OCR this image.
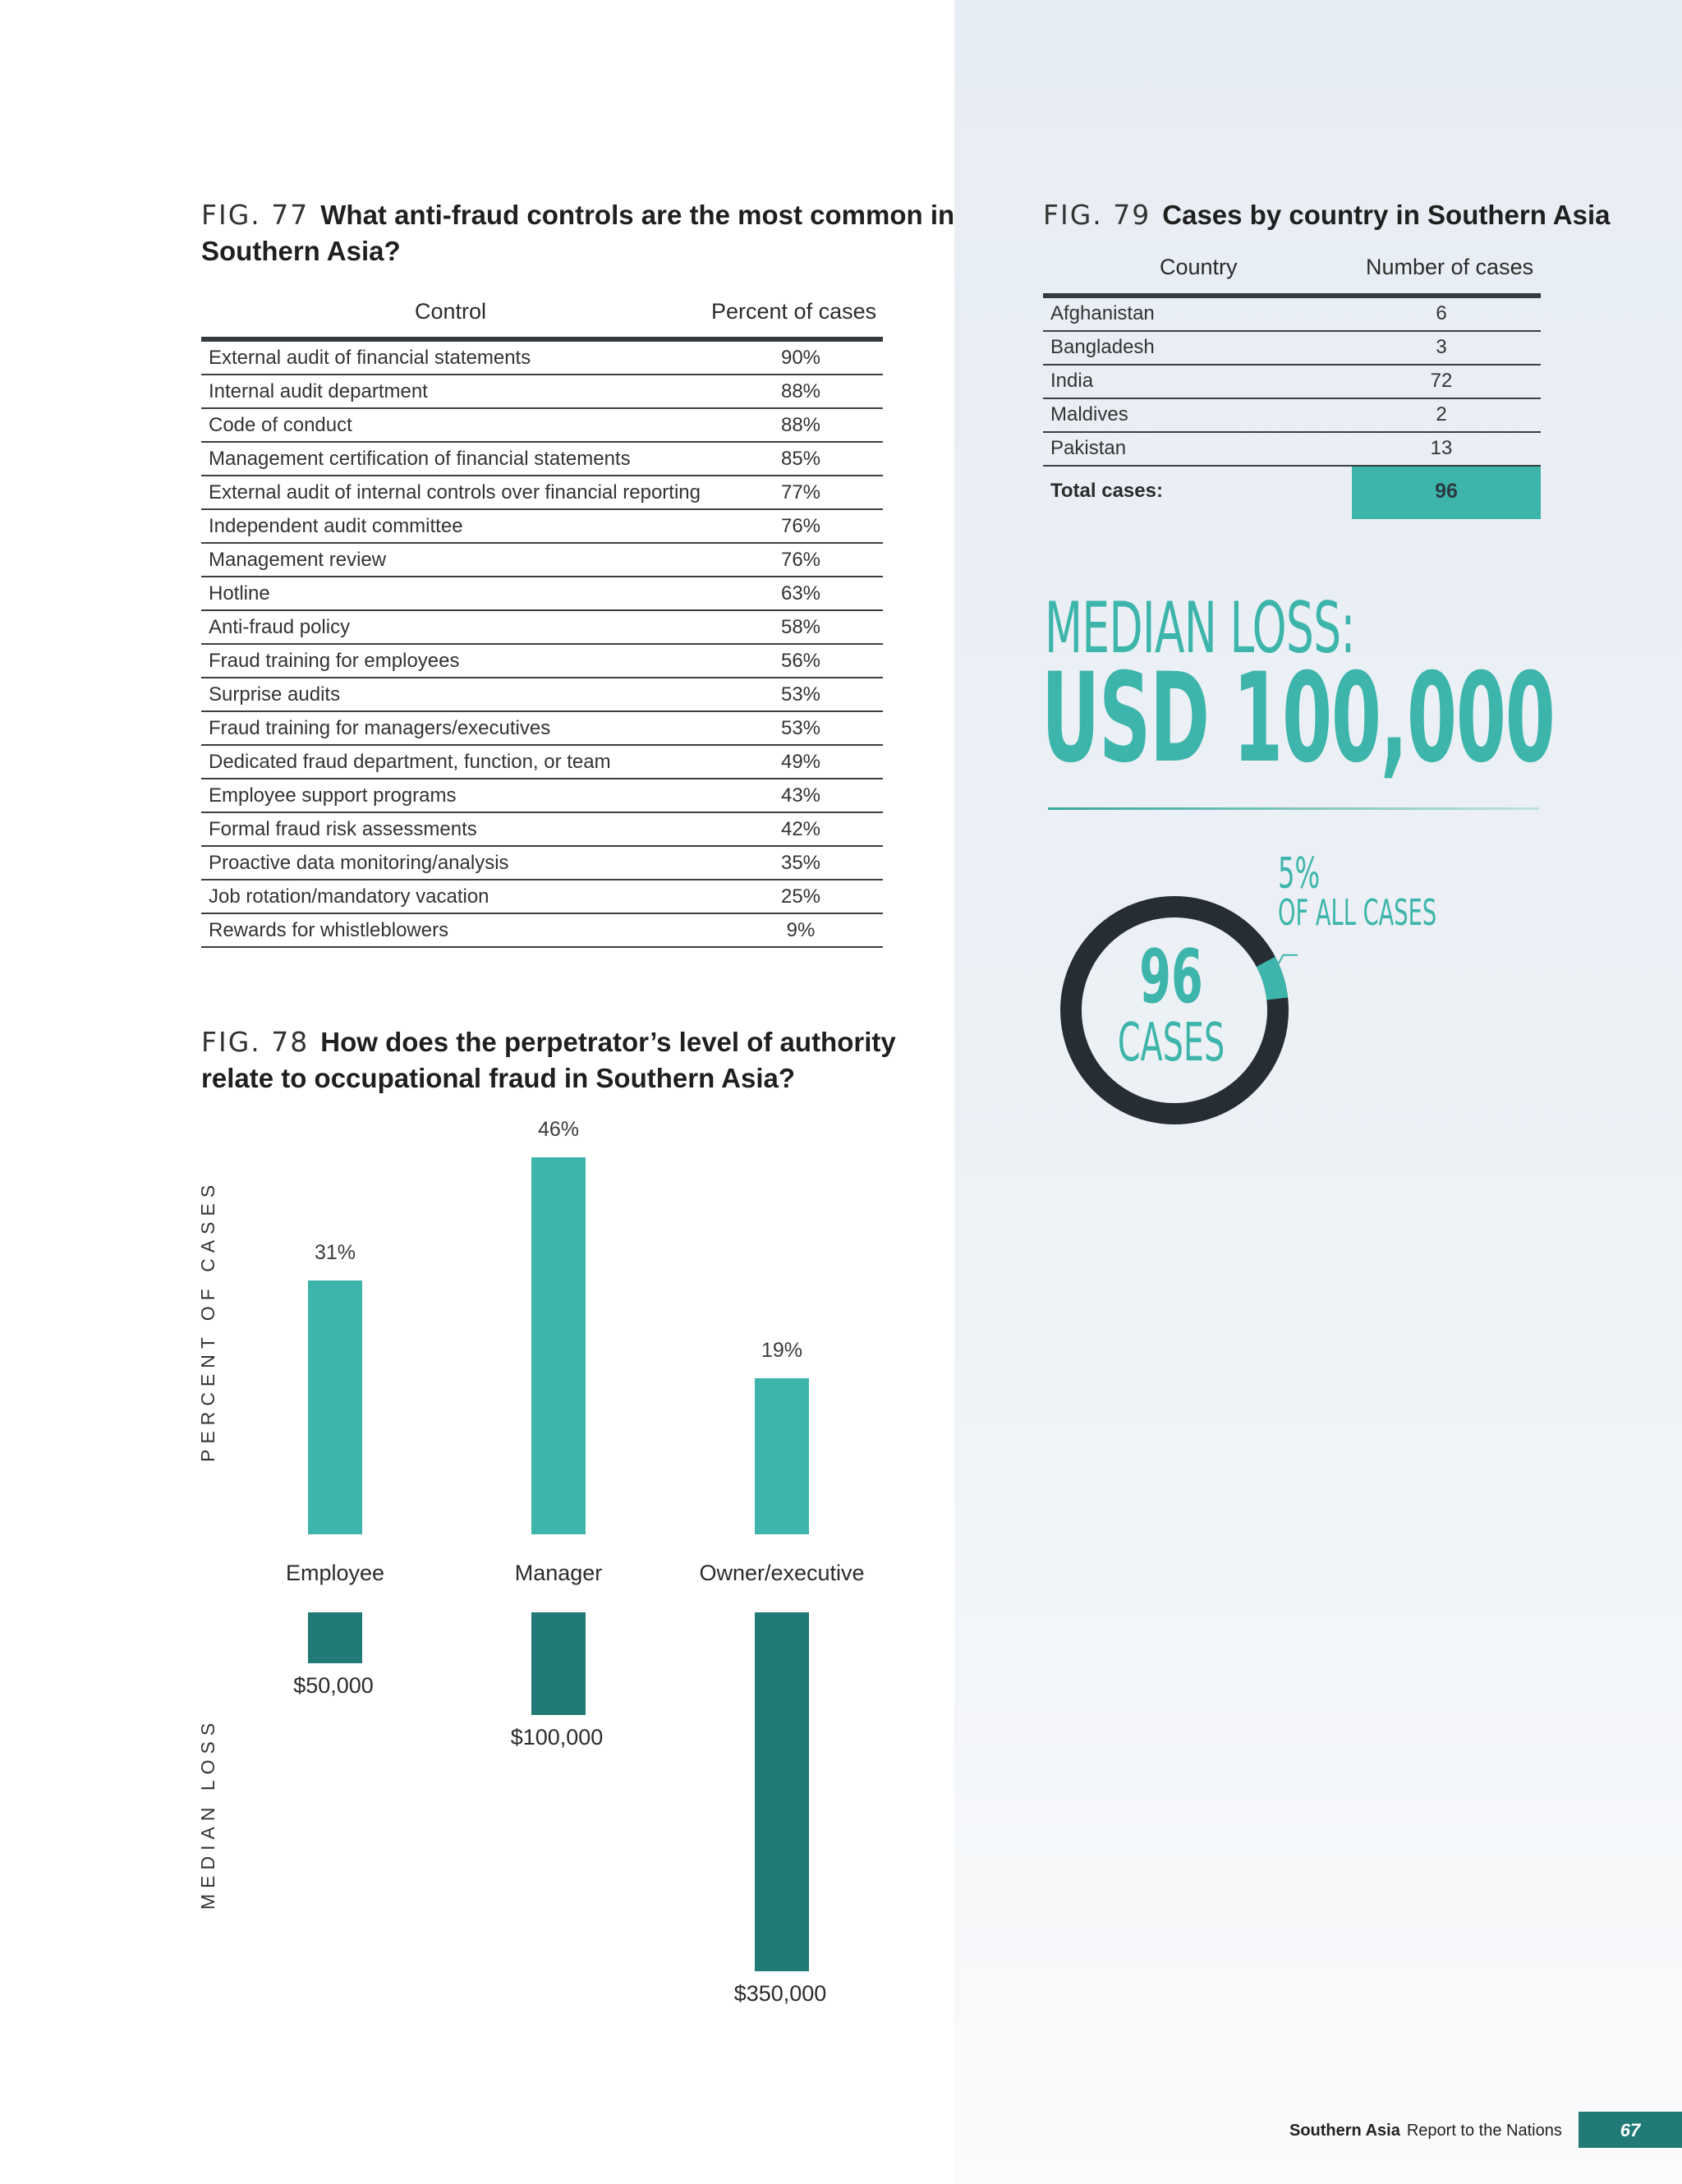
FIG. 77 What anti-fraud controls are the most common in
Southern Asia?
Control	Percent of cases
External audit of financial statements	90%
Internal audit department	88%
Code of conduct	88%
Management certification of financial statements	85%
External audit of internal controls over financial reporting	77%
Independent audit committee	76%
Management review	76%
Hotline	63%
Anti-fraud policy	58%
Fraud training for employees	56%
Surprise audits	53%
Fraud training for managers/executives	53%
Dedicated fraud department, function, or team	49%
Employee support programs	43%
Formal fraud risk assessments	42%
Proactive data monitoring/analysis	35%
Job rotation/mandatory vacation	25%
Rewards for whistleblowers	9%
FIG. 78 How does the perpetrator’s level of authority
relate to occupational fraud in Southern Asia?
PERCENT OF CASES
MEDIAN LOSS
31%
Employee
$50,000
46%
Manager
$100,000
19%
Owner/executive
$350,000
FIG. 79 Cases by country in Southern Asia
Country	Number of cases
Afghanistan	6
Bangladesh	3
India	72
Maldives	2
Pakistan	13
Total cases:	96
MEDIAN LOSS:
USD 100,000
96
CASES
5%
OF ALL CASES
Southern Asia Report to the Nations	67
